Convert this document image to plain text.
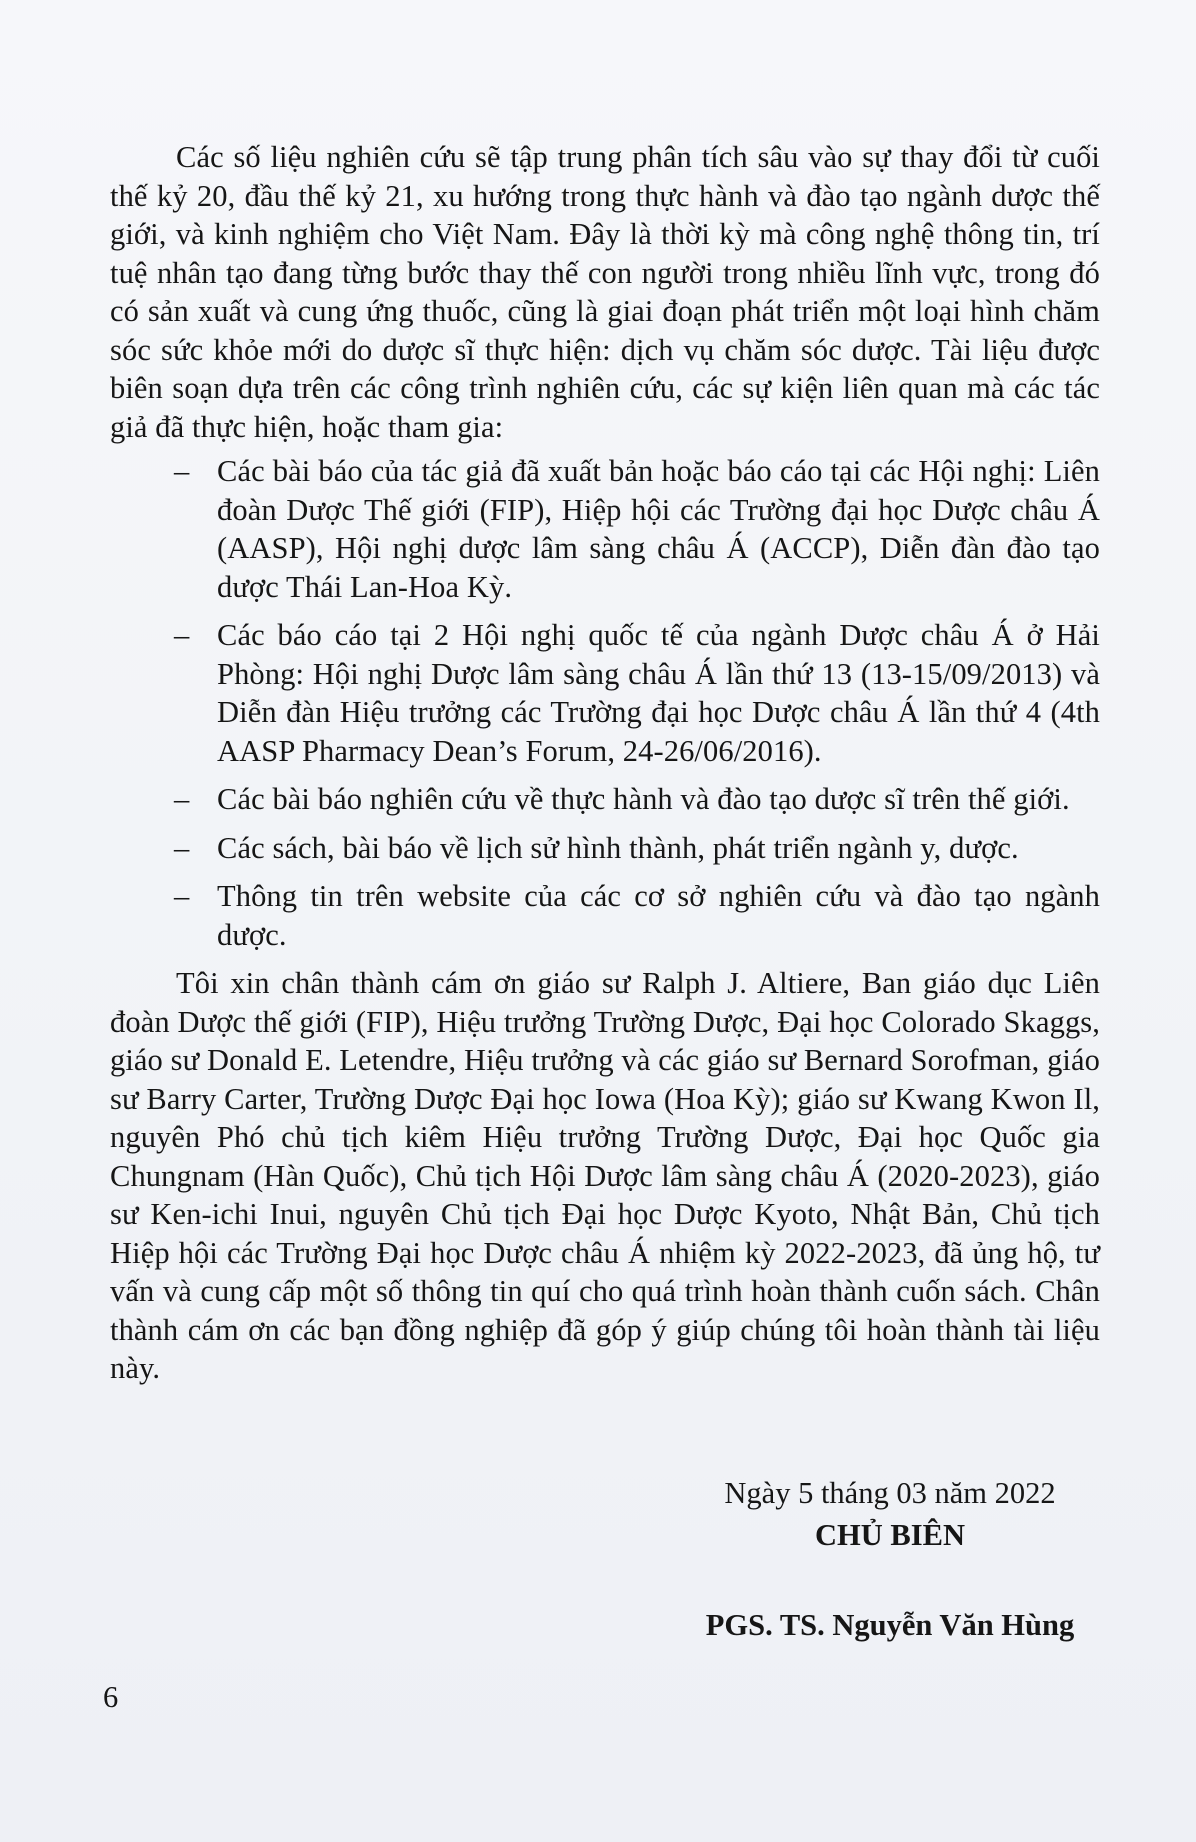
Các số liệu nghiên cứu sẽ tập trung phân tích sâu vào sự thay đổi từ cuối thế kỷ 20, đầu thế kỷ 21, xu hướng trong thực hành và đào tạo ngành dược thế giới, và kinh nghiệm cho Việt Nam. Đây là thời kỳ mà công nghệ thông tin, trí tuệ nhân tạo đang từng bước thay thế con người trong nhiều lĩnh vực, trong đó có sản xuất và cung ứng thuốc, cũng là giai đoạn phát triển một loại hình chăm sóc sức khỏe mới do dược sĩ thực hiện: dịch vụ chăm sóc dược. Tài liệu được biên soạn dựa trên các công trình nghiên cứu, các sự kiện liên quan mà các tác giả đã thực hiện, hoặc tham gia:

– Các bài báo của tác giả đã xuất bản hoặc báo cáo tại các Hội nghị: Liên đoàn Dược Thế giới (FIP), Hiệp hội các Trường đại học Dược châu Á (AASP), Hội nghị dược lâm sàng châu Á (ACCP), Diễn đàn đào tạo dược Thái Lan-Hoa Kỳ.
– Các báo cáo tại 2 Hội nghị quốc tế của ngành Dược châu Á ở Hải Phòng: Hội nghị Dược lâm sàng châu Á lần thứ 13 (13-15/09/2013) và Diễn đàn Hiệu trưởng các Trường đại học Dược châu Á lần thứ 4 (4th AASP Pharmacy Dean’s Forum, 24-26/06/2016).
– Các bài báo nghiên cứu về thực hành và đào tạo dược sĩ trên thế giới.
– Các sách, bài báo về lịch sử hình thành, phát triển ngành y, dược.
– Thông tin trên website của các cơ sở nghiên cứu và đào tạo ngành dược.

Tôi xin chân thành cám ơn giáo sư Ralph J. Altiere, Ban giáo dục Liên đoàn Dược thế giới (FIP), Hiệu trưởng Trường Dược, Đại học Colorado Skaggs, giáo sư Donald E. Letendre, Hiệu trưởng và các giáo sư Bernard Sorofman, giáo sư Barry Carter, Trường Dược Đại học Iowa (Hoa Kỳ); giáo sư Kwang Kwon Il, nguyên Phó chủ tịch kiêm Hiệu trưởng Trường Dược, Đại học Quốc gia Chungnam (Hàn Quốc), Chủ tịch Hội Dược lâm sàng châu Á (2020-2023), giáo sư Ken-ichi Inui, nguyên Chủ tịch Đại học Dược Kyoto, Nhật Bản, Chủ tịch Hiệp hội các Trường Đại học Dược châu Á nhiệm kỳ 2022-2023, đã ủng hộ, tư vấn và cung cấp một số thông tin quí cho quá trình hoàn thành cuốn sách. Chân thành cám ơn các bạn đồng nghiệp đã góp ý giúp chúng tôi hoàn thành tài liệu này.

Ngày 5 tháng 03 năm 2022
CHỦ BIÊN
PGS. TS. Nguyễn Văn Hùng
6
